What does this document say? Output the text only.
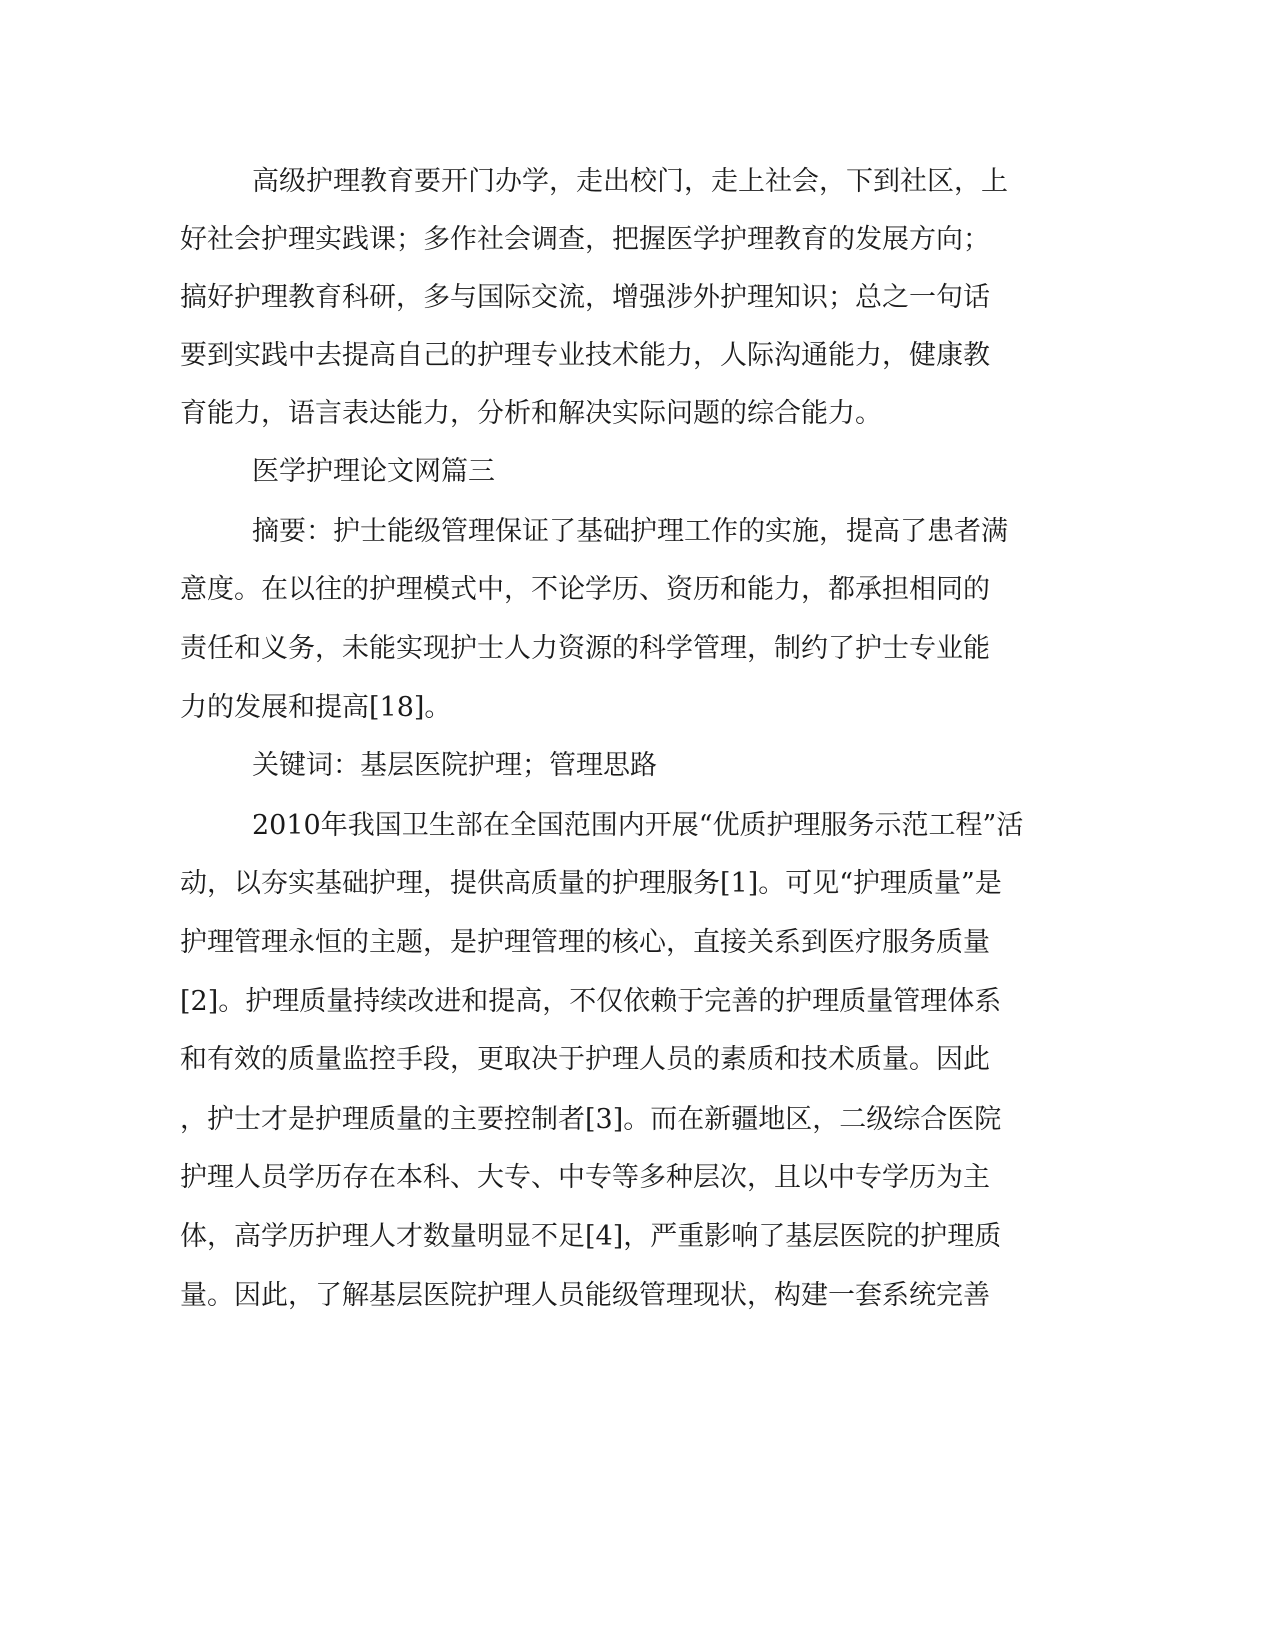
高级护理教育要开门办学，走出校门，走上社会，下到社区，上
好社会护理实践课；多作社会调查，把握医学护理教育的发展方向；
搞好护理教育科研，多与国际交流，增强涉外护理知识；总之一句话
要到实践中去提高自己的护理专业技术能力，人际沟通能力，健康教
育能力，语言表达能力，分析和解决实际问题的综合能力。
医学护理论文网篇三
摘要：护士能级管理保证了基础护理工作的实施，提高了患者满
意度。在以往的护理模式中，不论学历、资历和能力，都承担相同的
责任和义务，未能实现护士人力资源的科学管理，制约了护士专业能
力的发展和提高[18]。
关键词：基层医院护理；管理思路
2010年我国卫生部在全国范围内开展“优质护理服务示范工程”活
动，以夯实基础护理，提供高质量的护理服务[1]。可见“护理质量”是
护理管理永恒的主题，是护理管理的核心，直接关系到医疗服务质量
[2]。护理质量持续改进和提高，不仅依赖于完善的护理质量管理体系
和有效的质量监控手段，更取决于护理人员的素质和技术质量。因此
，护士才是护理质量的主要控制者[3]。而在新疆地区，二级综合医院
护理人员学历存在本科、大专、中专等多种层次，且以中专学历为主
体，高学历护理人才数量明显不足[4]，严重影响了基层医院的护理质
量。因此，了解基层医院护理人员能级管理现状，构建一套系统完善
